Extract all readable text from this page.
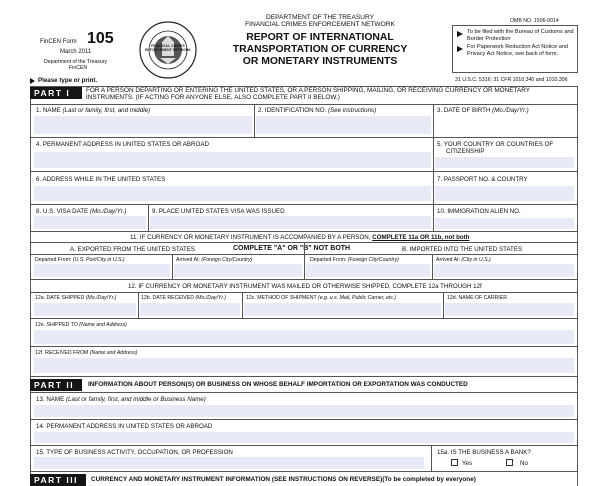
FinCEN Form 105
March 2011
Department of the Treasury
FinCEN
FINANCIAL CRIMES ENFORCEMENT NETWORK
DEPARTMENT OF THE TREASURY
FINANCIAL CRIMES ENFORCEMENT NETWORK
REPORT OF INTERNATIONAL
TRANSPORTATION OF CURRENCY
OR MONETARY INSTRUMENTS
OMB NO. 1506-0014
To be filed with the Bureau of Customs and Border Protection
For Paperwork Reduction Act Notice and Privacy Act Notice, see back of form.
31 U.S.C. 5316; 31 CFR 1010.340 and 1010.306
Please type or print.
PART I	FOR A PERSON DEPARTING OR ENTERING THE UNITED STATES, OR A PERSON SHIPPING, MAILING, OR RECEIVING CURRENCY OR MONETARY INSTRUMENTS. (IF ACTING FOR ANYONE ELSE, ALSO COMPLETE PART II BELOW.)
1. NAME (Last or family, first, and middle)	2. IDENTIFICATION NO. (See instructions)	3. DATE OF BIRTH (Mo./Day/Yr.)
4. PERMANENT ADDRESS IN UNITED STATES OR ABROAD	5. YOUR COUNTRY OR COUNTRIES OF
CITIZENSHIP
6. ADDRESS WHILE IN THE UNITED STATES	7. PASSPORT NO. & COUNTRY
8. U.S. VISA DATE (Mo./Day/Yr.)	9. PLACE UNITED STATES VISA WAS ISSUED	10. IMMIGRATION ALIEN NO.
11. IF CURRENCY OR MONETARY INSTRUMENT IS ACCOMPANIED BY A PERSON, COMPLETE 11a OR 11b, not both
A. EXPORTED FROM THE UNITED STATES	COMPLETE "A" OR "B" NOT BOTH	B. IMPORTED INTO THE UNITED STATES
Departed From: (U.S. Port/City in U.S.)	Arrived At: (Foreign City/Country)	Departed From: (Foreign City/Country)	Arrived At: (City in U.S.)
12. IF CURRENCY OR MONETARY INSTRUMENT WAS MAILED OR OTHERWISE SHIPPED, COMPLETE 12a THROUGH 12f
12a. DATE SHIPPED (Mo./Day/Yr.)	12b. DATE RECEIVED (Mo./Day/Yr.)	12c. METHOD OF SHIPMENT (e.g. u.s. Mail, Public Carrier, etc.)	12d. NAME OF CARRIER
12e. SHIPPED TO (Name and Address)
12f. RECEIVED FROM (Name and Address)
PART II	INFORMATION ABOUT PERSON(S) OR BUSINESS ON WHOSE BEHALF IMPORTATION OR EXPORTATION WAS CONDUCTED
13. NAME (Last or family, first, and middle or Business Name)
14. PERMANENT ADDRESS IN UNITED STATES OR ABROAD
15. TYPE OF BUSINESS ACTIVITY, OCCUPATION, OR PROFESSION	15a. IS THE BUSINESS A BANK?
Yes	No
PART III	CURRENCY AND MONETARY INSTRUMENT INFORMATION (SEE INSTRUCTIONS ON REVERSE)(To be completed by everyone)
